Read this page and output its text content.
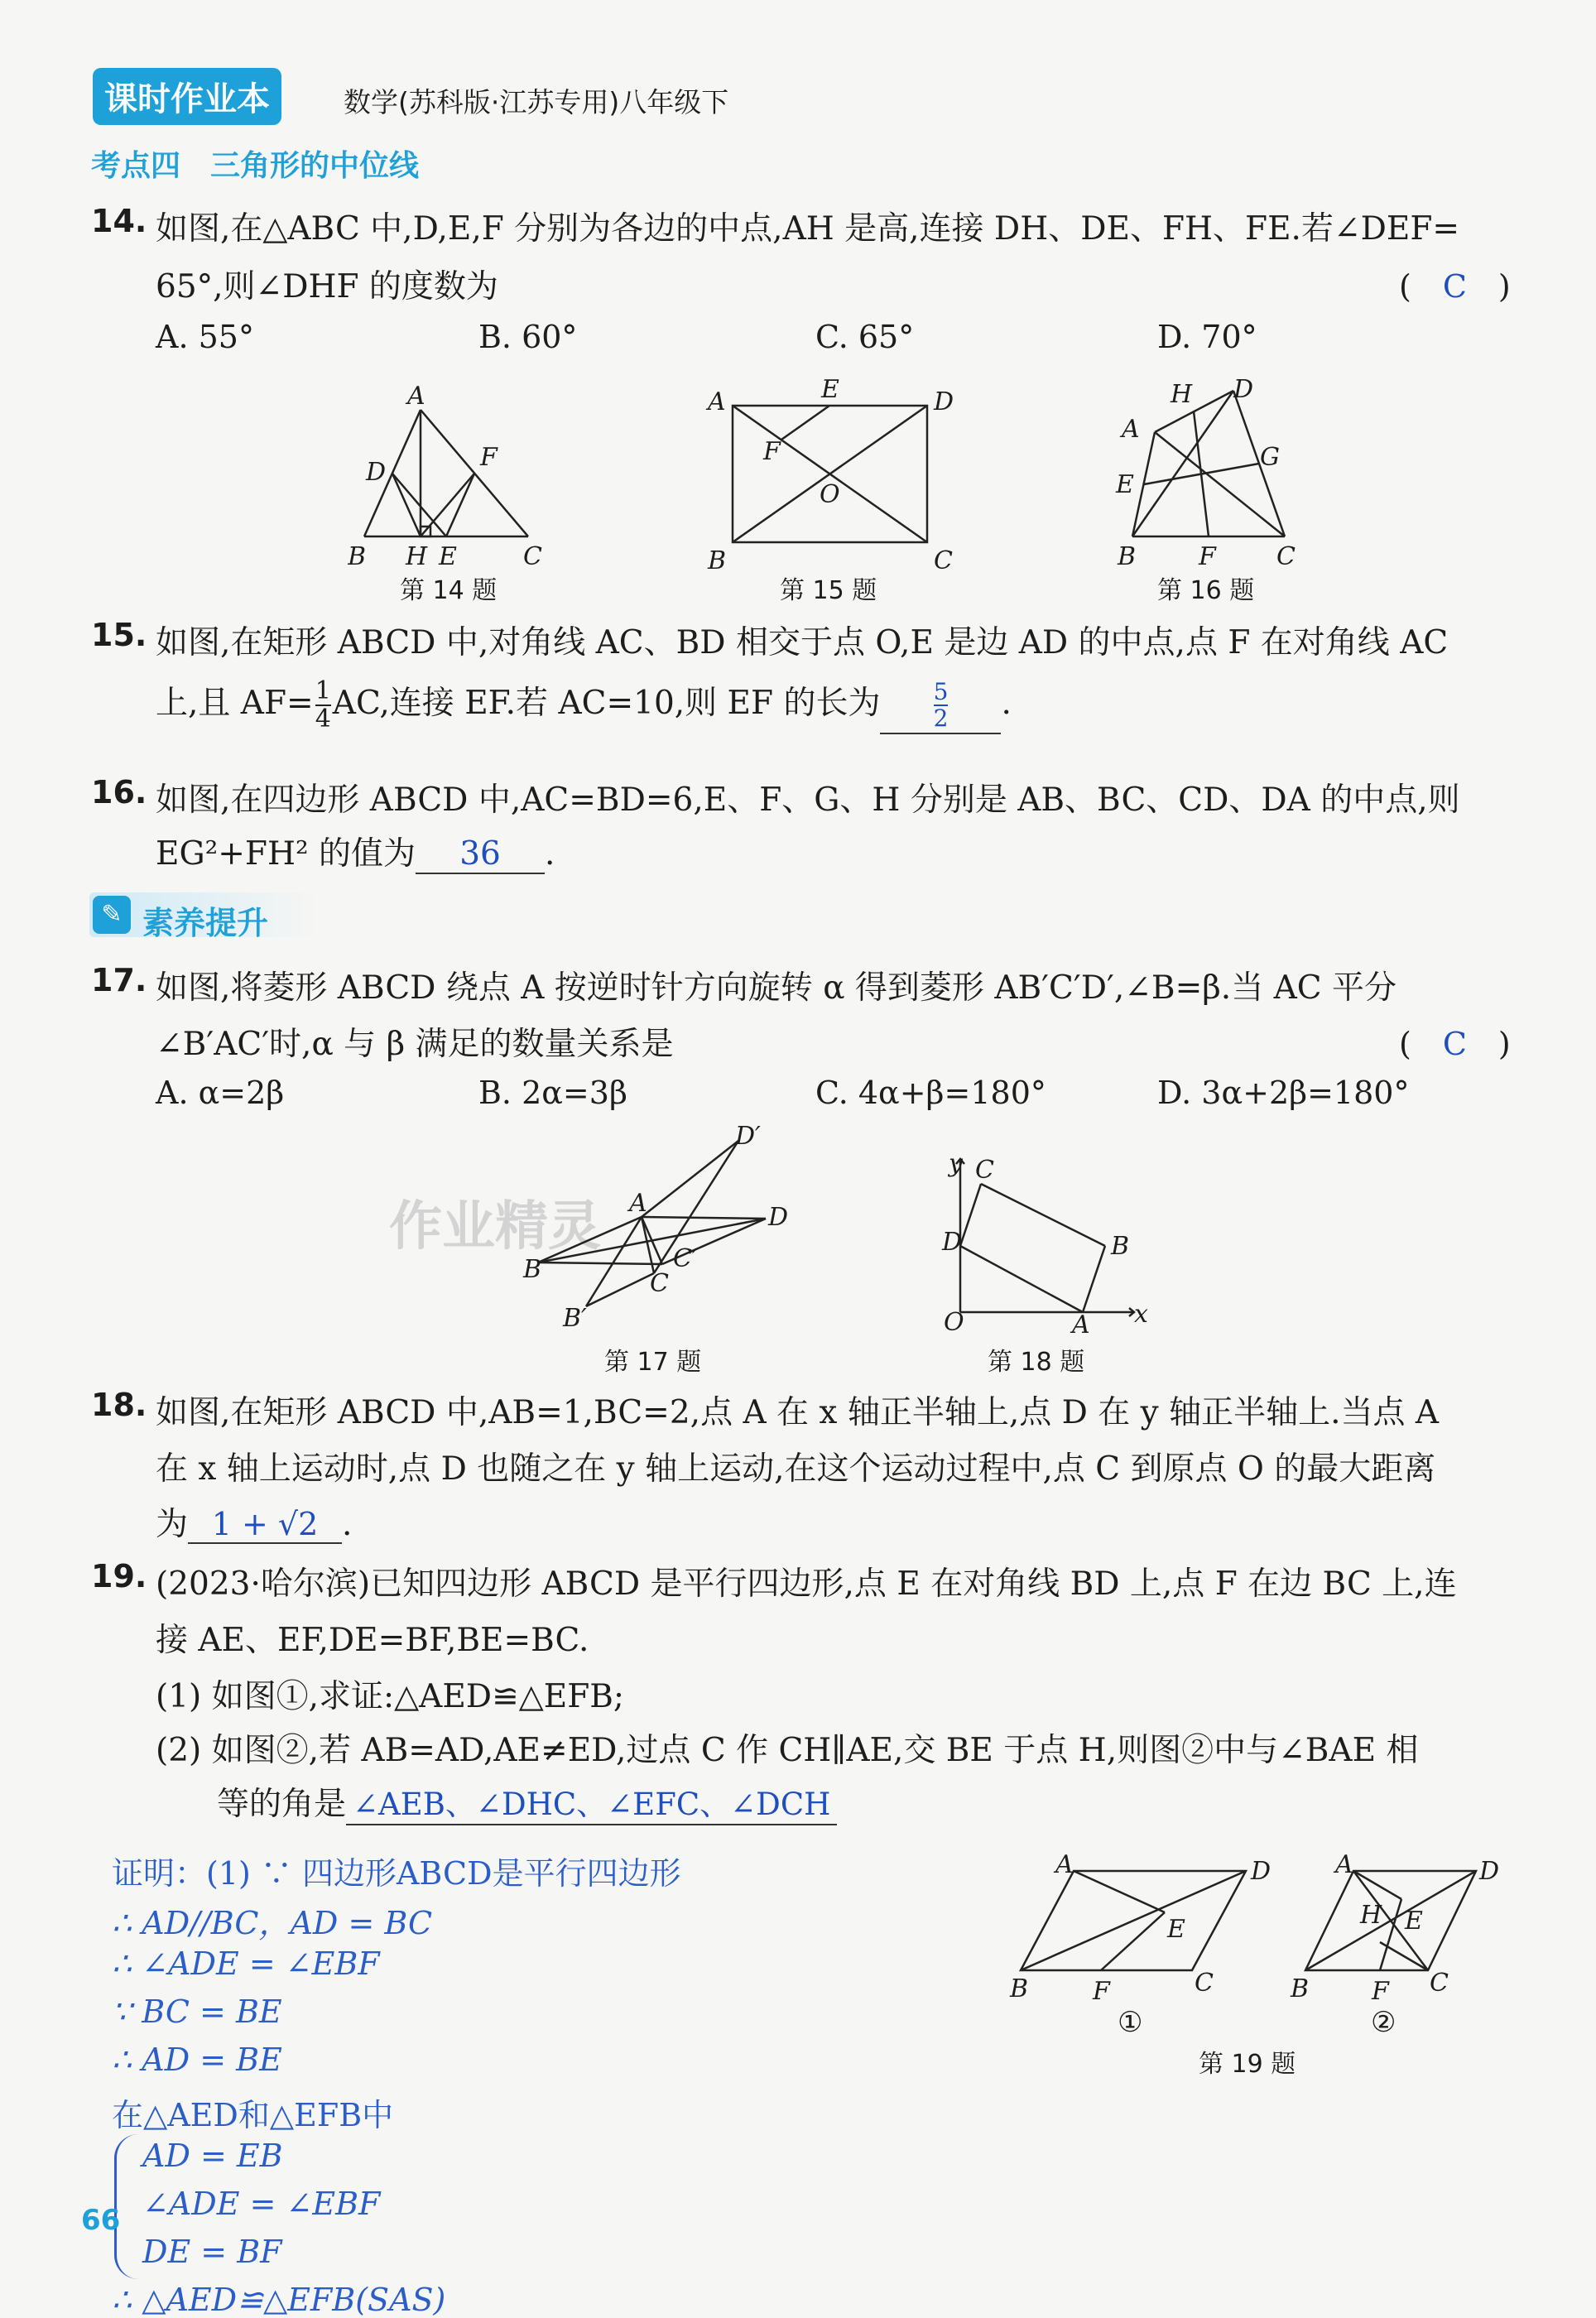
课时作业本	数学(苏科版·江苏专用)八年级下
考点四　三角形的中位线
14. 如图,在△ABC 中,D,E,F 分别为各边的中点,AH 是高,连接 DH、DE、FH、FE.若∠DEF=
65°,则∠DHF 的度数为	(　C　)
A. 55°	B. 60°	C. 65°	D. 70°
A
D
F
B H E	C
第 14 题
A	E	D
F
O
B	C
第 15 题
H D
A
G
E
B	F C
第 16 题
15. 如图,在矩形 ABCD 中,对角线 AC、BD 相交于点 O,E 是边 AD 的中点,点 F 在对角线 AC
上,且 $AF= \frac{1}{4}$ AC,连接 EF.若 AC=10,则 EF 的长为 $\frac{5}{2}$ .
16. 如图,在四边形 ABCD 中,AC=BD=6,E、F、G、H 分别是 AB、BC、CD、DA 的中点,则
EG²+FH² 的值为 36 .
✎ 素养提升
17. 如图,将菱形 ABCD 绕点 A 按逆时针方向旋转 α 得到菱形 AB′C′D′,∠B=β.当 AC 平分
∠B′AC′时,α 与 β 满足的数量关系是	(　C　)
A. α=2β	B. 2α=3β	C. 4α+β=180°	D. 3α+2β=180°
作业精灵
D′
A	D
B	C
C′
B′
第 17 题
y C
B
D
O	A x
第 18 题
18. 如图,在矩形 ABCD 中,AB=1,BC=2,点 A 在 x 轴正半轴上,点 D 在 y 轴正半轴上.当点 A
在 x 轴上运动时,点 D 也随之在 y 轴上运动,在这个运动过程中,点 C 到原点 O 的最大距离
为 1 + √2 .
19. (2023·哈尔滨)已知四边形 ABCD 是平行四边形,点 E 在对角线 BD 上,点 F 在边 BC 上,连
接 AE、EF,DE=BF,BE=BC.
(1) 如图①,求证:△AED≌△EFB;
(2) 如图②,若 AB=AD,AE≠ED,过点 C 作 CH∥AE,交 BE 于点 H,则图②中与∠BAE 相
等的角是 ∠AEB、∠DHC、∠EFC、∠DCH
A	D
E
B	F	C
①
A	D
H E
B	F C
②
第 19 题
证明：(1) ∵ 四边形ABCD是平行四边形
∴ AD//BC，AD = BC
∴ ∠ADE = ∠EBF
∵ BC = BE
∴ AD = BE
在△AED和△EFB中
AD = EB
∠ADE = ∠EBF
DE = BF
∴ △AED≌△EFB(SAS)
66
